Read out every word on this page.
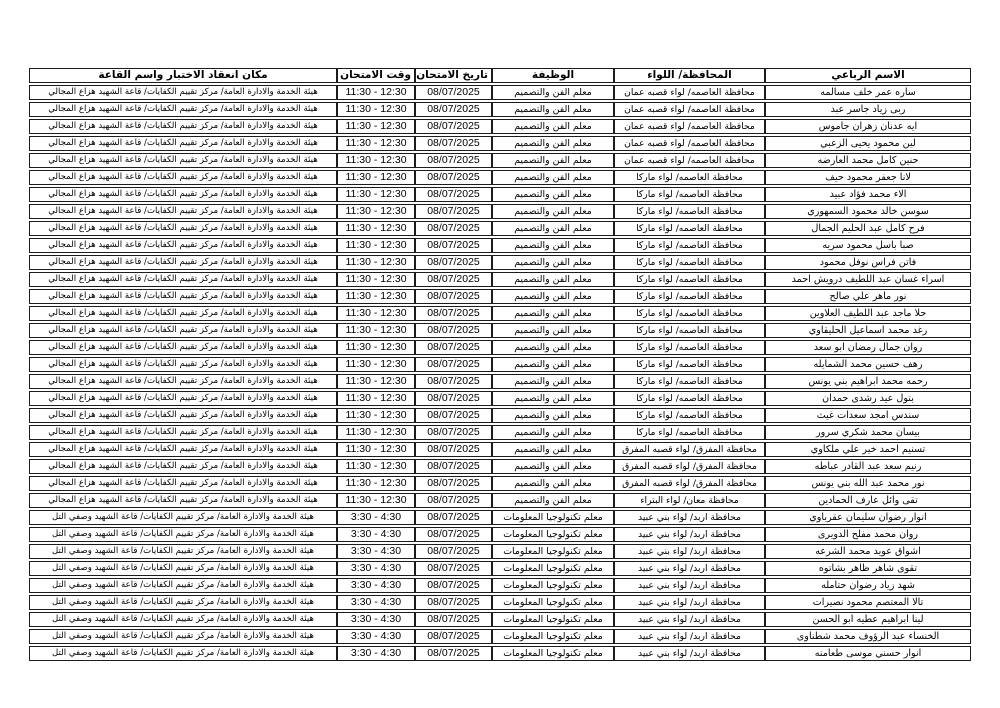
الاسم الرباعي	المحافظة/ اللواء	الوظيفة	تاريخ الامتحان	وقت الامتحان	مكان انعقاد الاختبار واسم القاعة
ساره عمر خلف مسالمه	محافظة العاصمه/ لواء قصبه عمان	معلم الفن والتصميم	08/07/2025	11:30 - 12:30	هيئة الخدمة والادارة العامة/ مركز تقييم الكفايات/ قاعة الشهيد هزاع المجالي
ربى زياد جاسر عبد	محافظة العاصمه/ لواء قصبه عمان	معلم الفن والتصميم	08/07/2025	11:30 - 12:30	هيئة الخدمة والادارة العامة/ مركز تقييم الكفايات/ قاعة الشهيد هزاع المجالي
ايه عدنان زهران جاموس	محافظة العاصمه/ لواء قصبه عمان	معلم الفن والتصميم	08/07/2025	11:30 - 12:30	هيئة الخدمة والادارة العامة/ مركز تقييم الكفايات/ قاعة الشهيد هزاع المجالي
لين محمود يحيى الزعبي	محافظة العاصمه/ لواء قصبه عمان	معلم الفن والتصميم	08/07/2025	11:30 - 12:30	هيئة الخدمة والادارة العامة/ مركز تقييم الكفايات/ قاعة الشهيد هزاع المجالي
حنين كامل محمد العارضه	محافظة العاصمه/ لواء قصبه عمان	معلم الفن والتصميم	08/07/2025	11:30 - 12:30	هيئة الخدمة والادارة العامة/ مركز تقييم الكفايات/ قاعة الشهيد هزاع المجالي
لانا جعفر محمود حيف	محافظة العاصمه/ لواء ماركا	معلم الفن والتصميم	08/07/2025	11:30 - 12:30	هيئة الخدمة والادارة العامة/ مركز تقييم الكفايات/ قاعة الشهيد هزاع المجالي
الاء محمد فؤاد عبيد	محافظة العاصمه/ لواء ماركا	معلم الفن والتصميم	08/07/2025	11:30 - 12:30	هيئة الخدمة والادارة العامة/ مركز تقييم الكفايات/ قاعة الشهيد هزاع المجالي
سوسن خالد محمود السمهوري	محافظة العاصمه/ لواء ماركا	معلم الفن والتصميم	08/07/2025	11:30 - 12:30	هيئة الخدمة والادارة العامة/ مركز تقييم الكفايات/ قاعة الشهيد هزاع المجالي
فرح كامل عبد الحليم الجمال	محافظة العاصمه/ لواء ماركا	معلم الفن والتصميم	08/07/2025	11:30 - 12:30	هيئة الخدمة والادارة العامة/ مركز تقييم الكفايات/ قاعة الشهيد هزاع المجالي
صبا باسل محمود سريه	محافظة العاصمه/ لواء ماركا	معلم الفن والتصميم	08/07/2025	11:30 - 12:30	هيئة الخدمة والادارة العامة/ مركز تقييم الكفايات/ قاعة الشهيد هزاع المجالي
فاتن فراس نوفل محمود	محافظة العاصمه/ لواء ماركا	معلم الفن والتصميم	08/07/2025	11:30 - 12:30	هيئة الخدمة والادارة العامة/ مركز تقييم الكفايات/ قاعة الشهيد هزاع المجالي
اسراء غسان عبد اللطيف درويش احمد	محافظة العاصمه/ لواء ماركا	معلم الفن والتصميم	08/07/2025	11:30 - 12:30	هيئة الخدمة والادارة العامة/ مركز تقييم الكفايات/ قاعة الشهيد هزاع المجالي
نور ماهر علي صالح	محافظة العاصمه/ لواء ماركا	معلم الفن والتصميم	08/07/2025	11:30 - 12:30	هيئة الخدمة والادارة العامة/ مركز تقييم الكفايات/ قاعة الشهيد هزاع المجالي
حلا ماجد عبد اللطيف العلاوين	محافظة العاصمه/ لواء ماركا	معلم الفن والتصميم	08/07/2025	11:30 - 12:30	هيئة الخدمة والادارة العامة/ مركز تقييم الكفايات/ قاعة الشهيد هزاع المجالي
رغد محمد اسماعيل الحليقاوي	محافظة العاصمه/ لواء ماركا	معلم الفن والتصميم	08/07/2025	11:30 - 12:30	هيئة الخدمة والادارة العامة/ مركز تقييم الكفايات/ قاعة الشهيد هزاع المجالي
روان جمال رمضان ابو سعد	محافظة العاصمه/ لواء ماركا	معلم الفن والتصميم	08/07/2025	11:30 - 12:30	هيئة الخدمة والادارة العامة/ مركز تقييم الكفايات/ قاعة الشهيد هزاع المجالي
رهف حسين محمد الشمايله	محافظة العاصمه/ لواء ماركا	معلم الفن والتصميم	08/07/2025	11:30 - 12:30	هيئة الخدمة والادارة العامة/ مركز تقييم الكفايات/ قاعة الشهيد هزاع المجالي
رحمه محمد ابراهيم بني يونس	محافظة العاصمه/ لواء ماركا	معلم الفن والتصميم	08/07/2025	11:30 - 12:30	هيئة الخدمة والادارة العامة/ مركز تقييم الكفايات/ قاعة الشهيد هزاع المجالي
بتول عيد رشدى حمدان	محافظة العاصمه/ لواء ماركا	معلم الفن والتصميم	08/07/2025	11:30 - 12:30	هيئة الخدمة والادارة العامة/ مركز تقييم الكفايات/ قاعة الشهيد هزاع المجالي
سندس امجد سعدات غيث	محافظة العاصمه/ لواء ماركا	معلم الفن والتصميم	08/07/2025	11:30 - 12:30	هيئة الخدمة والادارة العامة/ مركز تقييم الكفايات/ قاعة الشهيد هزاع المجالي
بيسان محمد شكري سرور	محافظة العاصمه/ لواء ماركا	معلم الفن والتصميم	08/07/2025	11:30 - 12:30	هيئة الخدمة والادارة العامة/ مركز تقييم الكفايات/ قاعة الشهيد هزاع المجالي
تسنيم احمد خير علي ملكاوي	محافظة المفرق/ لواء قصبه المفرق	معلم الفن والتصميم	08/07/2025	11:30 - 12:30	هيئة الخدمة والادارة العامة/ مركز تقييم الكفايات/ قاعة الشهيد هزاع المجالي
رنيم سعد عبد القادر عباطه	محافظة المفرق/ لواء قصبه المفرق	معلم الفن والتصميم	08/07/2025	11:30 - 12:30	هيئة الخدمة والادارة العامة/ مركز تقييم الكفايات/ قاعة الشهيد هزاع المجالي
نور محمد عبد الله بني يونس	محافظة المفرق/ لواء قصبه المفرق	معلم الفن والتصميم	08/07/2025	11:30 - 12:30	هيئة الخدمة والادارة العامة/ مركز تقييم الكفايات/ قاعة الشهيد هزاع المجالي
تقى وائل عارف الحمادين	محافظة معان/ لواء البتراء	معلم الفن والتصميم	08/07/2025	11:30 - 12:30	هيئة الخدمة والادارة العامة/ مركز تقييم الكفايات/ قاعة الشهيد هزاع المجالي
انوار رضوان سليمان عقرباوي	محافظة اربد/ لواء بني عبيد	معلم تكنولوجيا المعلومات	08/07/2025	3:30 - 4:30	هيئة الخدمة والادارة العامة/ مركز تقييم الكفايات/ قاعة الشهيد وصفي التل
روان محمد مفلح الدويرى	محافظة اربد/ لواء بني عبيد	معلم تكنولوجيا المعلومات	08/07/2025	3:30 - 4:30	هيئة الخدمة والادارة العامة/ مركز تقييم الكفايات/ قاعة الشهيد وصفي التل
اشواق عويد محمد الشرعه	محافظة اربد/ لواء بني عبيد	معلم تكنولوجيا المعلومات	08/07/2025	3:30 - 4:30	هيئة الخدمة والادارة العامة/ مركز تقييم الكفايات/ قاعة الشهيد وصفي التل
تقوى شاهر ظاهر بشاتوه	محافظة اربد/ لواء بني عبيد	معلم تكنولوجيا المعلومات	08/07/2025	3:30 - 4:30	هيئة الخدمة والادارة العامة/ مركز تقييم الكفايات/ قاعة الشهيد وصفي التل
شهد زياد رضوان حتامله	محافظة اربد/ لواء بني عبيد	معلم تكنولوجيا المعلومات	08/07/2025	3:30 - 4:30	هيئة الخدمة والادارة العامة/ مركز تقييم الكفايات/ قاعة الشهيد وصفي التل
تالا المعتصم محمود نصيرات	محافظة اربد/ لواء بني عبيد	معلم تكنولوجيا المعلومات	08/07/2025	3:30 - 4:30	هيئة الخدمة والادارة العامة/ مركز تقييم الكفايات/ قاعة الشهيد وصفي التل
لينا ابراهيم عطيه ابو الحسن	محافظة اربد/ لواء بني عبيد	معلم تكنولوجيا المعلومات	08/07/2025	3:30 - 4:30	هيئة الخدمة والادارة العامة/ مركز تقييم الكفايات/ قاعة الشهيد وصفي التل
الخنساء عبد الرؤوف محمد شطناوى	محافظة اربد/ لواء بني عبيد	معلم تكنولوجيا المعلومات	08/07/2025	3:30 - 4:30	هيئة الخدمة والادارة العامة/ مركز تقييم الكفايات/ قاعة الشهيد وصفي التل
انوار حسني موسى طعامنه	محافظة اربد/ لواء بني عبيد	معلم تكنولوجيا المعلومات	08/07/2025	3:30 - 4:30	هيئة الخدمة والادارة العامة/ مركز تقييم الكفايات/ قاعة الشهيد وصفي التل
